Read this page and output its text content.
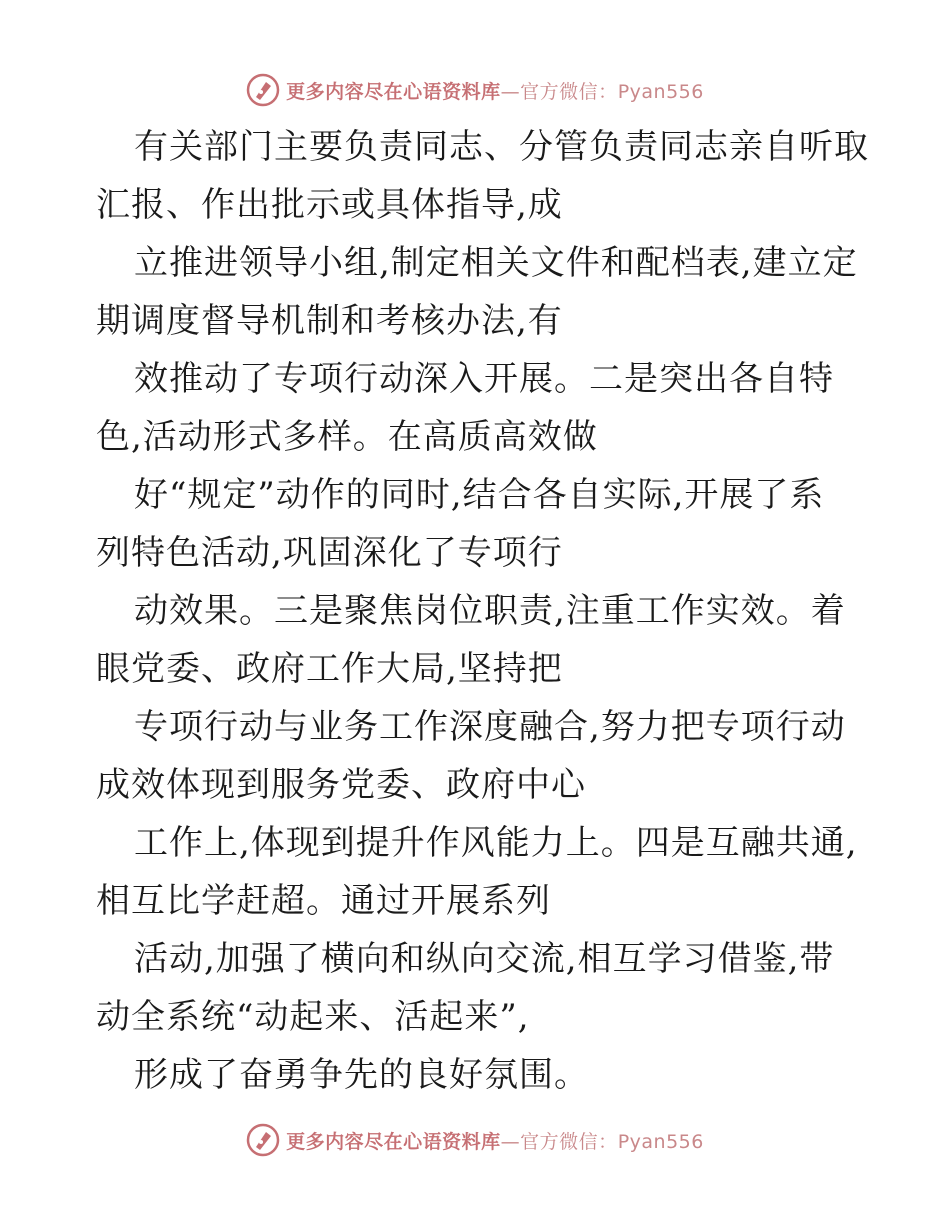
更多内容尽在心语资料库—官方微信：Pyan556
有关部门主要负责同志、分管负责同志亲自听取
汇报、作出批示或具体指导,成
立推进领导小组,制定相关文件和配档表,建立定
期调度督导机制和考核办法,有
效推动了专项行动深入开展。二是突出各自特
色,活动形式多样。在高质高效做
好“规定”动作的同时,结合各自实际,开展了系
列特色活动,巩固深化了专项行
动效果。三是聚焦岗位职责,注重工作实效。着
眼党委、政府工作大局,坚持把
专项行动与业务工作深度融合,努力把专项行动
成效体现到服务党委、政府中心
工作上,体现到提升作风能力上。四是互融共通,
相互比学赶超。通过开展系列
活动,加强了横向和纵向交流,相互学习借鉴,带
动全系统“动起来、活起来”,
形成了奋勇争先的良好氛围。
更多内容尽在心语资料库—官方微信：Pyan556
